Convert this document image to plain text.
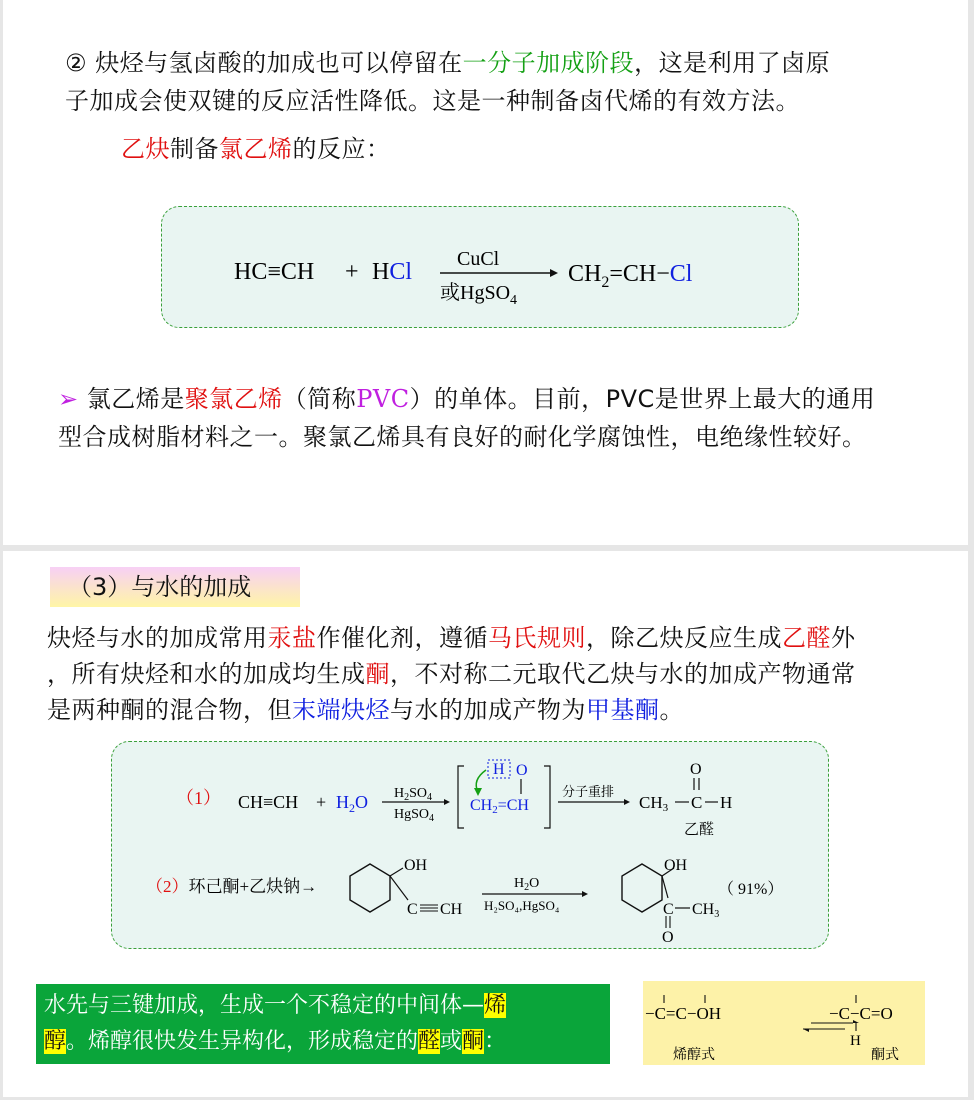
② 炔烃与氢卤酸的加成也可以停留在一分子加成阶段，这是利用了卤原
子加成会使双键的反应活性降低。这是一种制备卤代烯的有效方法。
乙炔制备氯乙烯的反应：
HC≡CH + HCl CuCl
或HgSO$_4$
$CH_2=CH-Cl$
➢ 氯乙烯是聚氯乙烯（简称PVC）的单体。目前，PVC是世界上最大的通用
型合成树脂材料之一。聚氯乙烯具有良好的耐化学腐蚀性，电绝缘性较好。
（3）与水的加成
炔烃与水的加成常用汞盐作催化剂，遵循马氏规则，除乙炔反应生成乙醛外
，所有炔烃和水的加成均生成酮，不对称二元取代乙炔与水的加成产物通常
是两种酮的混合物，但末端炔烃与水的加成产物为甲基酮。
（1） $CH\equiv CH + H_2O$ $H_2SO_4$
HgSO$_4$
H O
CH2=CH
分子重排
CH3 C H
O
乙醛
（2）环己酮+乙炔钠→
OH
C CH
$H_2O$
H₂SO₄,HgSO₄
OH
C CH3
O
（ 91%）
水先与三键加成，生成一个不稳定的中间体—烯
醇。烯醇很快发生异构化，形成稳定的醛或酮：
−C=C−OH	−C−C=O
H
烯醇式	酮式
